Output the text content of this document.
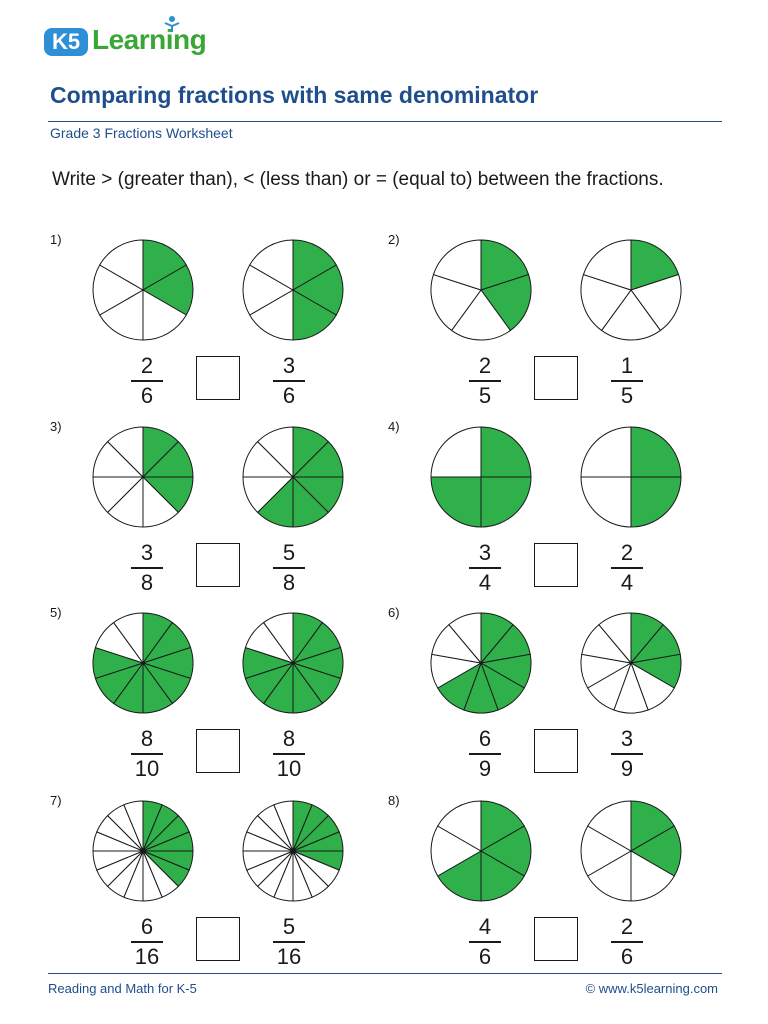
K5 Learning
Comparing fractions with same denominator
Grade 3 Fractions Worksheet
Write > (greater than), < (less than) or = (equal to) between the fractions.
1)
2
6
3
6
2)
2
5
1
5
3)
3
8
5
8
4)
3
4
2
4
5)
8
10
8
10
6)
6
9
3
9
7)
6
16
5
16
8)
4
6
2
6
Reading and Math for K-5	© www.k5learning.com
